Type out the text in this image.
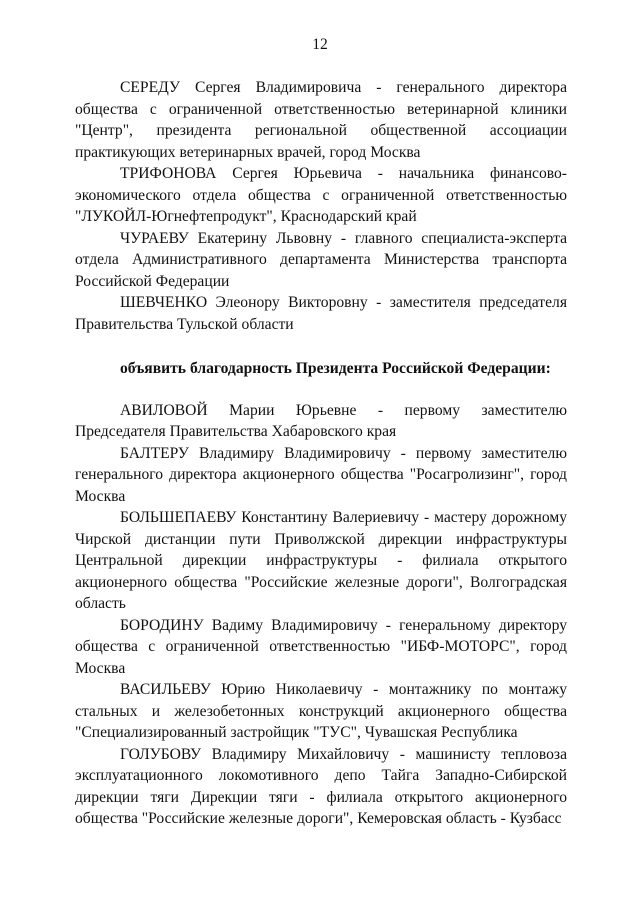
12

СЕРЕДУ Сергея Владимировича - генерального директора общества с ограниченной ответственностью ветеринарной клиники "Центр", президента региональной общественной ассоциации практикующих ветеринарных врачей, город Москва

ТРИФОНОВА Сергея Юрьевича - начальника финансово-экономического отдела общества с ограниченной ответственностью "ЛУКОЙЛ-Югнефтепродукт", Краснодарский край

ЧУРАЕВУ Екатерину Львовну - главного специалиста-эксперта отдела Административного департамента Министерства транспорта Российской Федерации

ШЕВЧЕНКО Элеонору Викторовну - заместителя председателя Правительства Тульской области

объявить благодарность Президента Российской Федерации:

АВИЛОВОЙ Марии Юрьевне - первому заместителю Председателя Правительства Хабаровского края

БАЛТЕРУ Владимиру Владимировичу - первому заместителю генерального директора акционерного общества "Росагролизинг", город Москва

БОЛЬШЕПАЕВУ Константину Валериевичу - мастеру дорожному Чирской дистанции пути Приволжской дирекции инфраструктуры Центральной дирекции инфраструктуры - филиала открытого акционерного общества "Российские железные дороги", Волгоградская область

БОРОДИНУ Вадиму Владимировичу - генеральному директору общества с ограниченной ответственностью "ИБФ-МОТОРС", город Москва

ВАСИЛЬЕВУ Юрию Николаевичу - монтажнику по монтажу стальных и железобетонных конструкций акционерного общества "Специализированный застройщик "ТУС", Чувашская Республика

ГОЛУБОВУ Владимиру Михайловичу - машинисту тепловоза эксплуатационного локомотивного депо Тайга Западно-Сибирской дирекции тяги Дирекции тяги - филиала открытого акционерного общества "Российские железные дороги", Кемеровская область - Кузбасс
